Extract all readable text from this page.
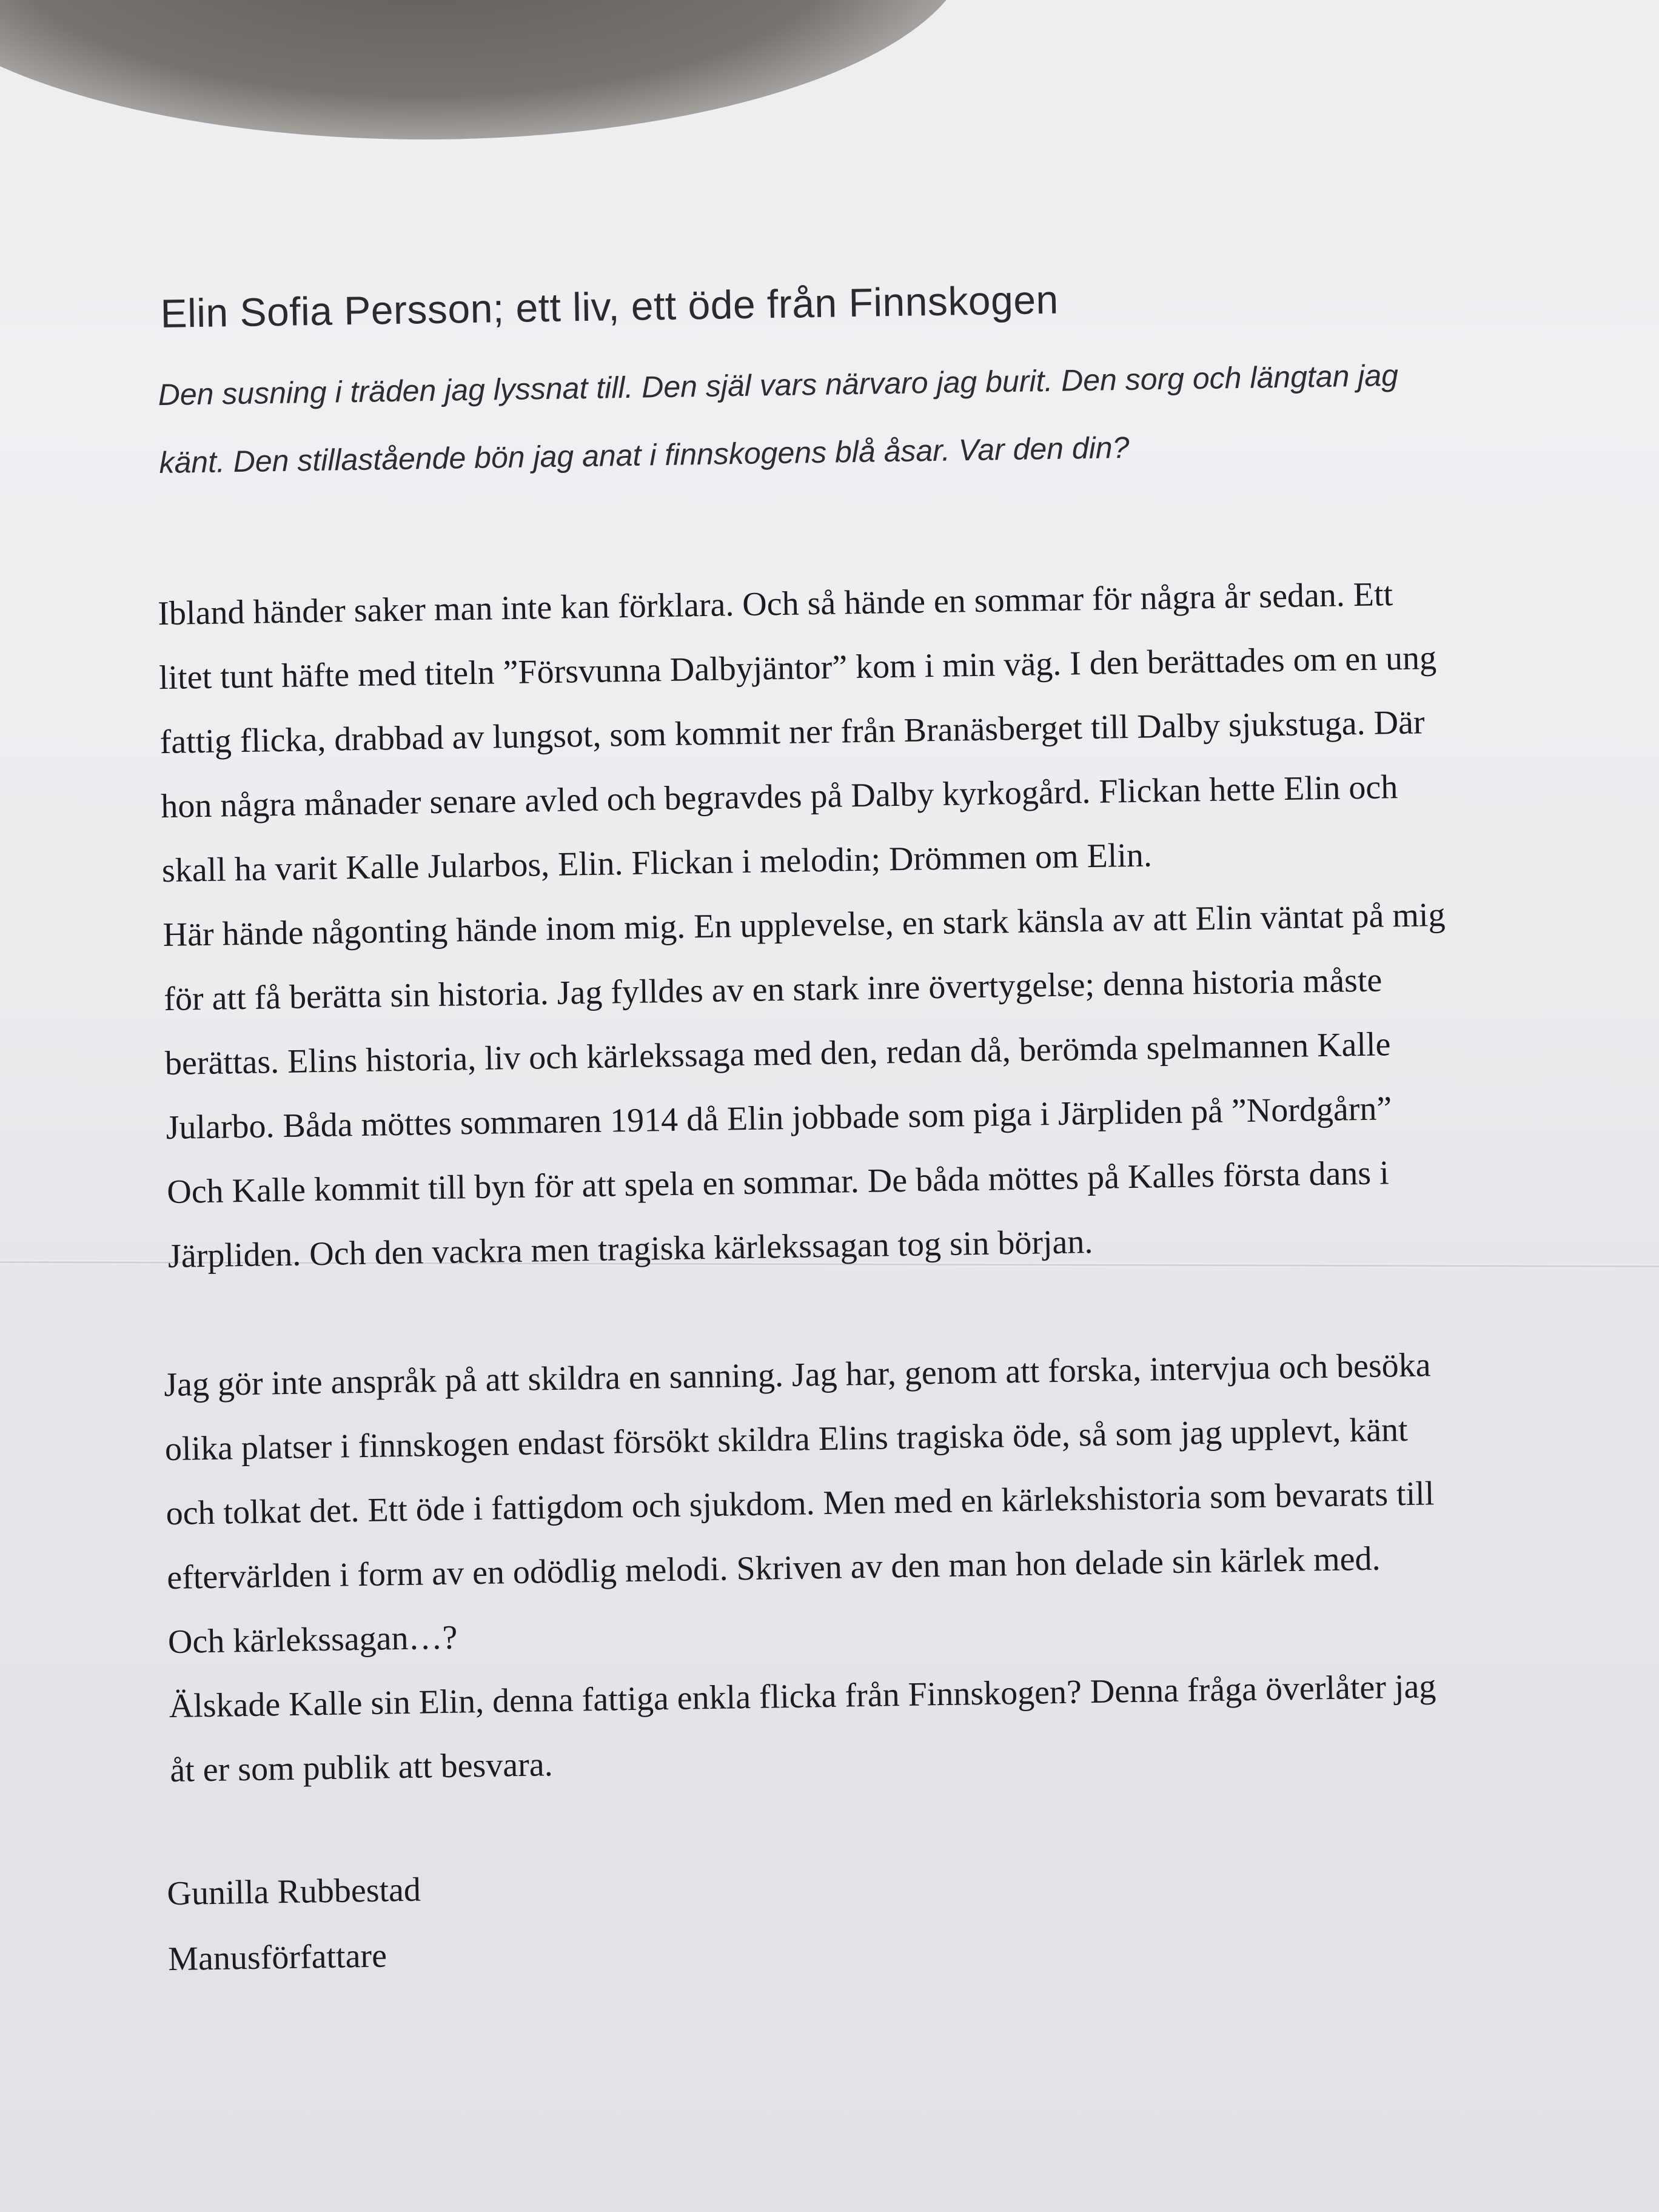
Elin Sofia Persson; ett liv, ett öde från Finnskogen
Den susning i träden jag lyssnat till. Den själ vars närvaro jag burit. Den sorg och längtan jag
känt. Den stillastående bön jag anat i finnskogens blå åsar. Var den din?
Ibland händer saker man inte kan förklara. Och så hände en sommar för några år sedan. Ett
litet tunt häfte med titeln ”Försvunna Dalbyjäntor” kom i min väg. I den berättades om en ung
fattig flicka, drabbad av lungsot, som kommit ner från Branäsberget till Dalby sjukstuga. Där
hon några månader senare avled och begravdes på Dalby kyrkogård. Flickan hette Elin och
skall ha varit Kalle Jularbos, Elin. Flickan i melodin; Drömmen om Elin.
Här hände någonting hände inom mig. En upplevelse, en stark känsla av att Elin väntat på mig
för att få berätta sin historia. Jag fylldes av en stark inre övertygelse; denna historia måste
berättas. Elins historia, liv och kärlekssaga med den, redan då, berömda spelmannen Kalle
Jularbo. Båda möttes sommaren 1914 då Elin jobbade som piga i Järpliden på ”Nordgårn”
Och Kalle kommit till byn för att spela en sommar. De båda möttes på Kalles första dans i
Järpliden. Och den vackra men tragiska kärlekssagan tog sin början.
Jag gör inte anspråk på att skildra en sanning. Jag har, genom att forska, intervjua och besöka
olika platser i finnskogen endast försökt skildra Elins tragiska öde, så som jag upplevt, känt
och tolkat det. Ett öde i fattigdom och sjukdom. Men med en kärlekshistoria som bevarats till
eftervärlden i form av en odödlig melodi. Skriven av den man hon delade sin kärlek med.
Och kärlekssagan…?
Älskade Kalle sin Elin, denna fattiga enkla flicka från Finnskogen? Denna fråga överlåter jag
åt er som publik att besvara.
Gunilla Rubbestad
Manusförfattare
